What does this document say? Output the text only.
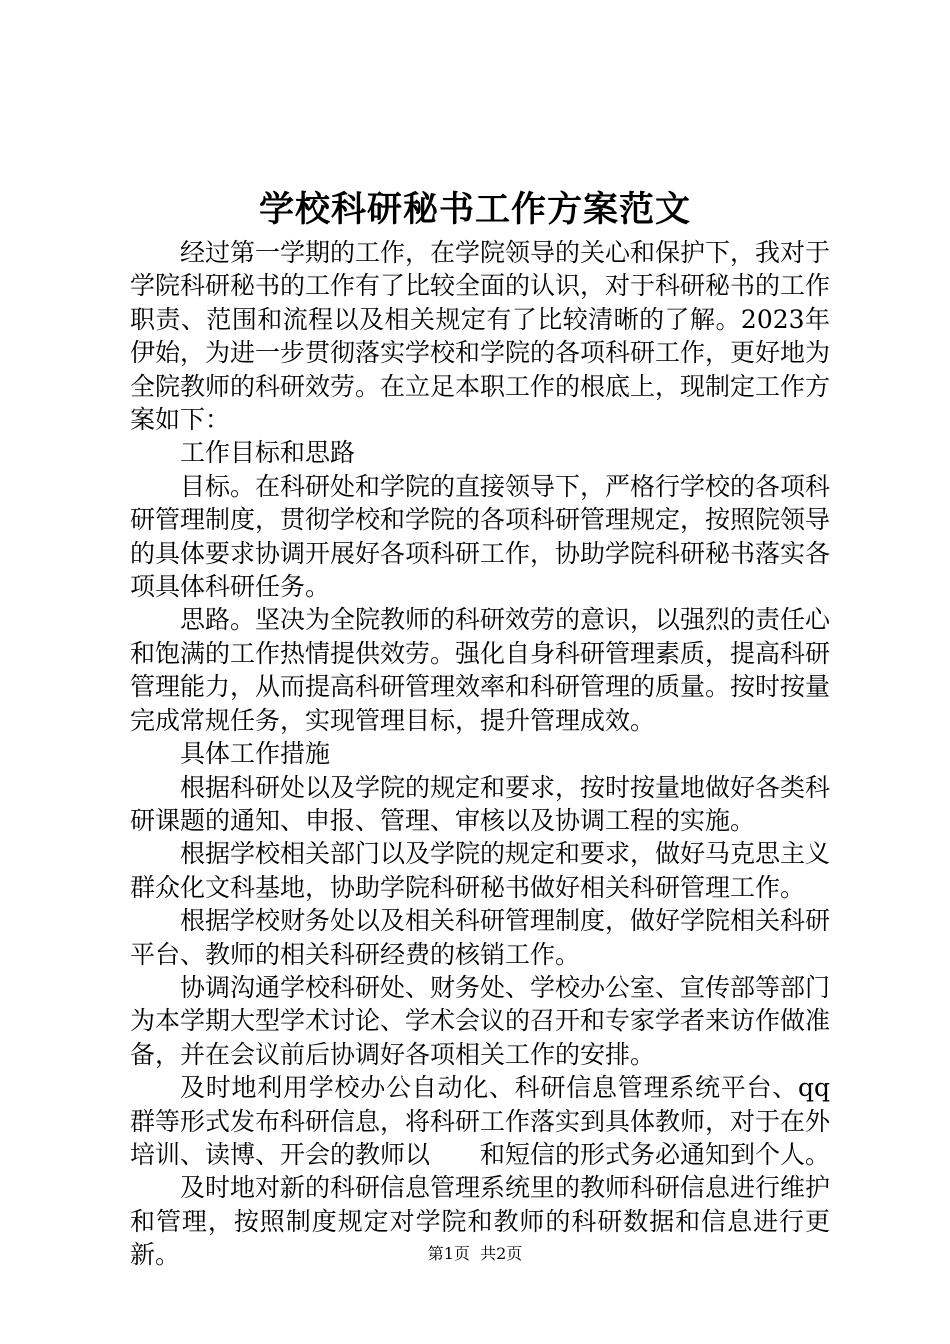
学校科研秘书工作方案范文

经过第一学期的工作，在学院领导的关心和保护下，我对于学院科研秘书的工作有了比较全面的认识，对于科研秘书的工作职责、范围和流程以及相关规定有了比较清晰的了解。2023年伊始，为进一步贯彻落实学校和学院的各项科研工作，更好地为全院教师的科研效劳。在立足本职工作的根底上，现制定工作方案如下：

工作目标和思路

目标。在科研处和学院的直接领导下，严格行学校的各项科研管理制度，贯彻学校和学院的各项科研管理规定，按照院领导的具体要求协调开展好各项科研工作，协助学院科研秘书落实各项具体科研任务。

思路。坚决为全院教师的科研效劳的意识，以强烈的责任心和饱满的工作热情提供效劳。强化自身科研管理素质，提高科研管理能力，从而提高科研管理效率和科研管理的质量。按时按量完成常规任务，实现管理目标，提升管理成效。

具体工作措施

根据科研处以及学院的规定和要求，按时按量地做好各类科研课题的通知、申报、管理、审核以及协调工程的实施。

根据学校相关部门以及学院的规定和要求，做好马克思主义群众化文科基地，协助学院科研秘书做好相关科研管理工作。

根据学校财务处以及相关科研管理制度，做好学院相关科研平台、教师的相关科研经费的核销工作。

协调沟通学校科研处、财务处、学校办公室、宣传部等部门为本学期大型学术讨论、学术会议的召开和专家学者来访作做准备，并在会议前后协调好各项相关工作的安排。

及时地利用学校办公自动化、科研信息管理系统平台、qq群等形式发布科研信息，将科研工作落实到具体教师，对于在外培训、读博、开会的教师以　　和短信的形式务必通知到个人。

及时地对新的科研信息管理系统里的教师科研信息进行维护和管理，按照制度规定对学院和教师的科研数据和信息进行更新。	第1页 共2页
